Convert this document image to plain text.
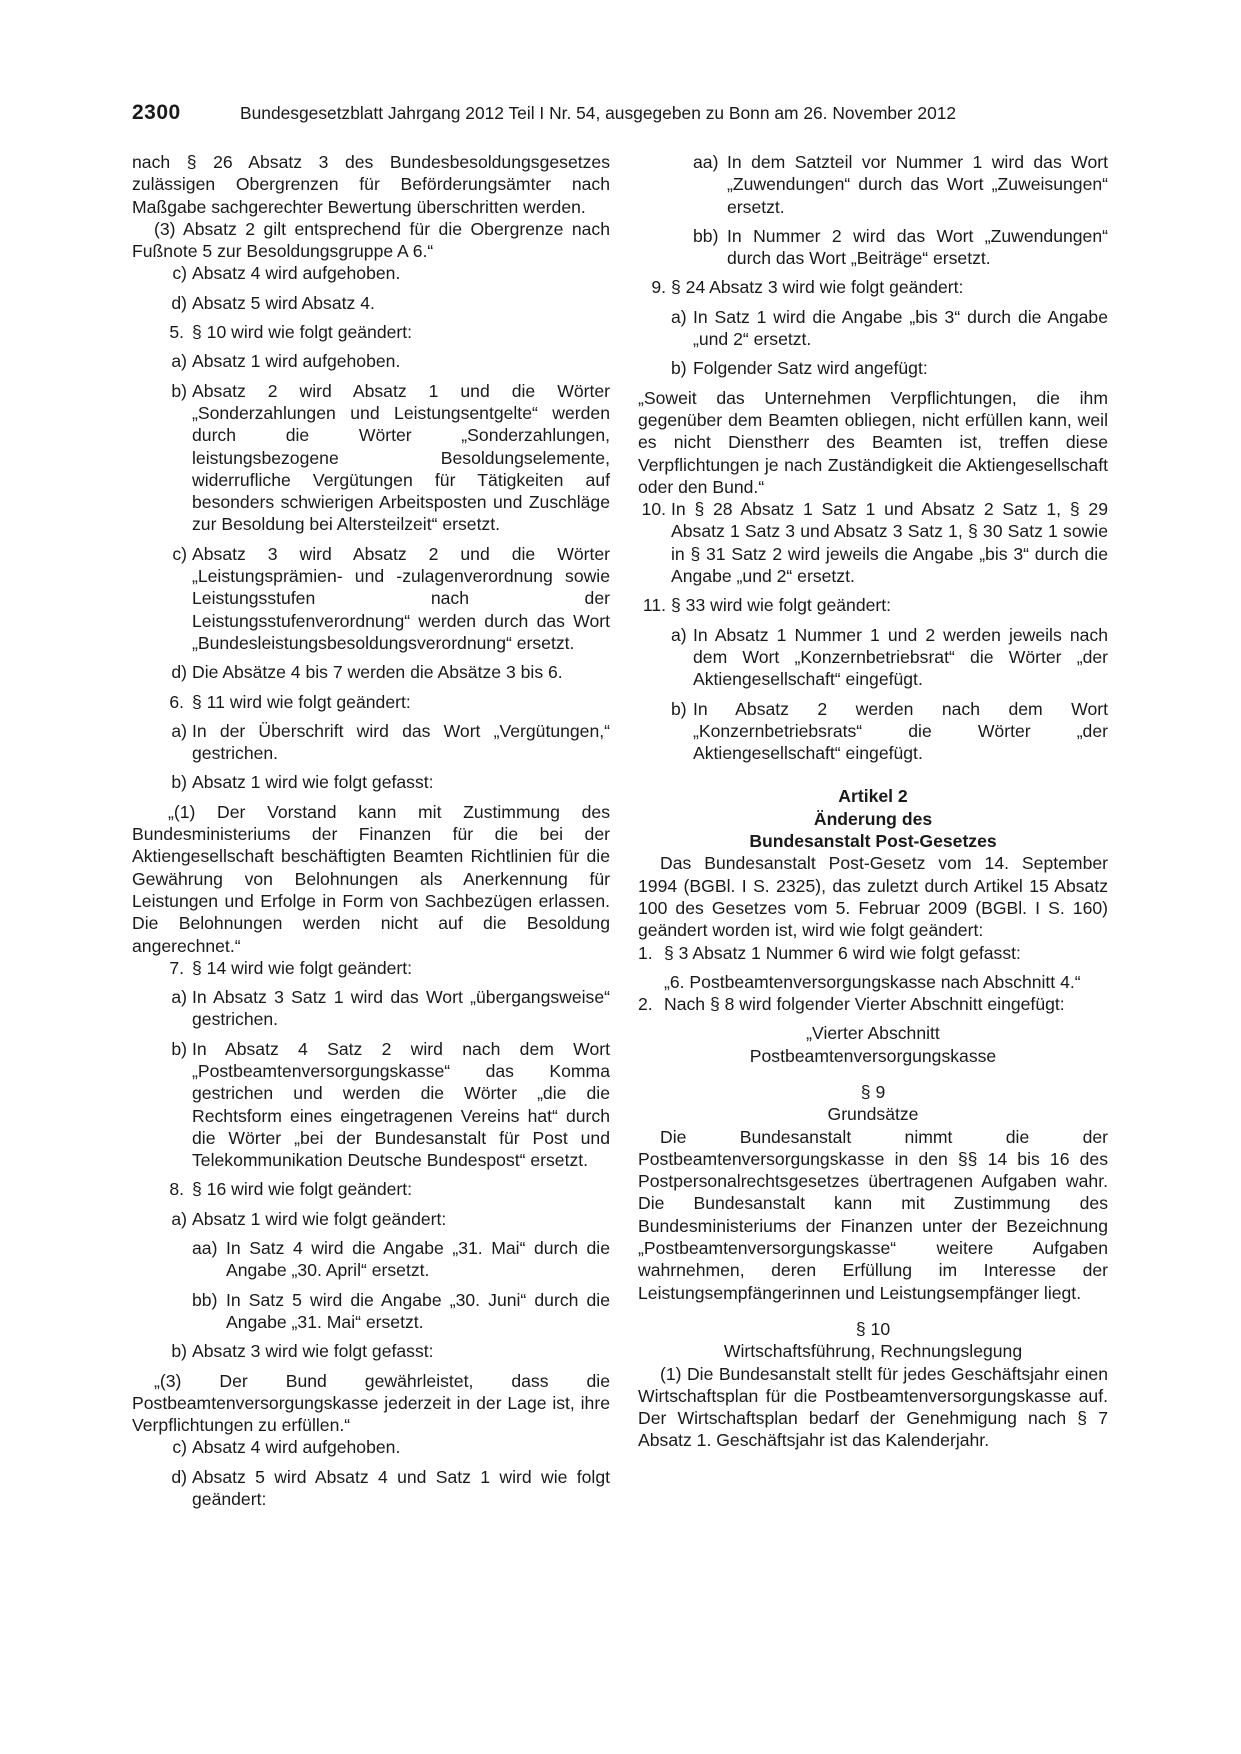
2300	Bundesgesetzblatt Jahrgang 2012 Teil I Nr. 54, ausgegeben zu Bonn am 26. November 2012

nach § 26 Absatz 3 des Bundesbesoldungsgesetzes zulässigen Obergrenzen für Beförderungsämter nach Maßgabe sachgerechter Bewertung überschritten werden.

(3) Absatz 2 gilt entsprechend für die Obergrenze nach Fußnote 5 zur Besoldungsgruppe A 6.“

c) Absatz 4 wird aufgehoben.
d) Absatz 5 wird Absatz 4.
5. § 10 wird wie folgt geändert:
a) Absatz 1 wird aufgehoben.
b) Absatz 2 wird Absatz 1 und die Wörter „Sonderzahlungen und Leistungsentgelte“ werden durch die Wörter „Sonderzahlungen, leistungsbezogene Besoldungselemente, widerrufliche Vergütungen für Tätigkeiten auf besonders schwierigen Arbeitsposten und Zuschläge zur Besoldung bei Altersteilzeit“ ersetzt.
c) Absatz 3 wird Absatz 2 und die Wörter „Leistungsprämien- und -zulagenverordnung sowie Leistungsstufen nach der Leistungsstufenverordnung“ werden durch das Wort „Bundesleistungsbesoldungsverordnung“ ersetzt.
d) Die Absätze 4 bis 7 werden die Absätze 3 bis 6.
6. § 11 wird wie folgt geändert:
a) In der Überschrift wird das Wort „Vergütungen,“ gestrichen.
b) Absatz 1 wird wie folgt gefasst:

„(1) Der Vorstand kann mit Zustimmung des Bundesministeriums der Finanzen für die bei der Aktiengesellschaft beschäftigten Beamten Richtlinien für die Gewährung von Belohnungen als Anerkennung für Leistungen und Erfolge in Form von Sachbezügen erlassen. Die Belohnungen werden nicht auf die Besoldung angerechnet.“

7. § 14 wird wie folgt geändert:
a) In Absatz 3 Satz 1 wird das Wort „übergangsweise“ gestrichen.
b) In Absatz 4 Satz 2 wird nach dem Wort „Postbeamtenversorgungskasse“ das Komma gestrichen und werden die Wörter „die die Rechtsform eines eingetragenen Vereins hat“ durch die Wörter „bei der Bundesanstalt für Post und Telekommunikation Deutsche Bundespost“ ersetzt.
8. § 16 wird wie folgt geändert:
a) Absatz 1 wird wie folgt geändert:
aa) In Satz 4 wird die Angabe „31. Mai“ durch die Angabe „30. April“ ersetzt.
bb) In Satz 5 wird die Angabe „30. Juni“ durch die Angabe „31. Mai“ ersetzt.
b) Absatz 3 wird wie folgt gefasst:

„(3) Der Bund gewährleistet, dass die Postbeamtenversorgungskasse jederzeit in der Lage ist, ihre Verpflichtungen zu erfüllen.“

c) Absatz 4 wird aufgehoben.
d) Absatz 5 wird Absatz 4 und Satz 1 wird wie folgt geändert:
aa) In dem Satzteil vor Nummer 1 wird das Wort „Zuwendungen“ durch das Wort „Zuweisungen“ ersetzt.
bb) In Nummer 2 wird das Wort „Zuwendungen“ durch das Wort „Beiträge“ ersetzt.
9. § 24 Absatz 3 wird wie folgt geändert:
a) In Satz 1 wird die Angabe „bis 3“ durch die Angabe „und 2“ ersetzt.
b) Folgender Satz wird angefügt:

„Soweit das Unternehmen Verpflichtungen, die ihm gegenüber dem Beamten obliegen, nicht erfüllen kann, weil es nicht Dienstherr des Beamten ist, treffen diese Verpflichtungen je nach Zuständigkeit die Aktiengesellschaft oder den Bund.“

10. In § 28 Absatz 1 Satz 1 und Absatz 2 Satz 1, § 29 Absatz 1 Satz 3 und Absatz 3 Satz 1, § 30 Satz 1 sowie in § 31 Satz 2 wird jeweils die Angabe „bis 3“ durch die Angabe „und 2“ ersetzt.
11. § 33 wird wie folgt geändert:
a) In Absatz 1 Nummer 1 und 2 werden jeweils nach dem Wort „Konzernbetriebsrat“ die Wörter „der Aktiengesellschaft“ eingefügt.
b) In Absatz 2 werden nach dem Wort „Konzernbetriebsrats“ die Wörter „der Aktiengesellschaft“ eingefügt.

Artikel 2

Änderung des

Bundesanstalt Post-Gesetzes

Das Bundesanstalt Post-Gesetz vom 14. September 1994 (BGBl. I S. 2325), das zuletzt durch Artikel 15 Absatz 100 des Gesetzes vom 5. Februar 2009 (BGBl. I S. 160) geändert worden ist, wird wie folgt geändert:

1. § 3 Absatz 1 Nummer 6 wird wie folgt gefasst:

„6. Postbeamtenversorgungskasse nach Abschnitt 4.“

2. Nach § 8 wird folgender Vierter Abschnitt eingefügt:

„Vierter Abschnitt

Postbeamtenversorgungskasse

§ 9

Grundsätze

Die Bundesanstalt nimmt die der Postbeamtenversorgungskasse in den §§ 14 bis 16 des Postpersonalrechtsgesetzes übertragenen Aufgaben wahr. Die Bundesanstalt kann mit Zustimmung des Bundesministeriums der Finanzen unter der Bezeichnung „Postbeamtenversorgungskasse“ weitere Aufgaben wahrnehmen, deren Erfüllung im Interesse der Leistungsempfängerinnen und Leistungsempfänger liegt.

§ 10

Wirtschaftsführung, Rechnungslegung

(1) Die Bundesanstalt stellt für jedes Geschäftsjahr einen Wirtschaftsplan für die Postbeamtenversorgungskasse auf. Der Wirtschaftsplan bedarf der Genehmigung nach § 7 Absatz 1. Geschäftsjahr ist das Kalenderjahr.
